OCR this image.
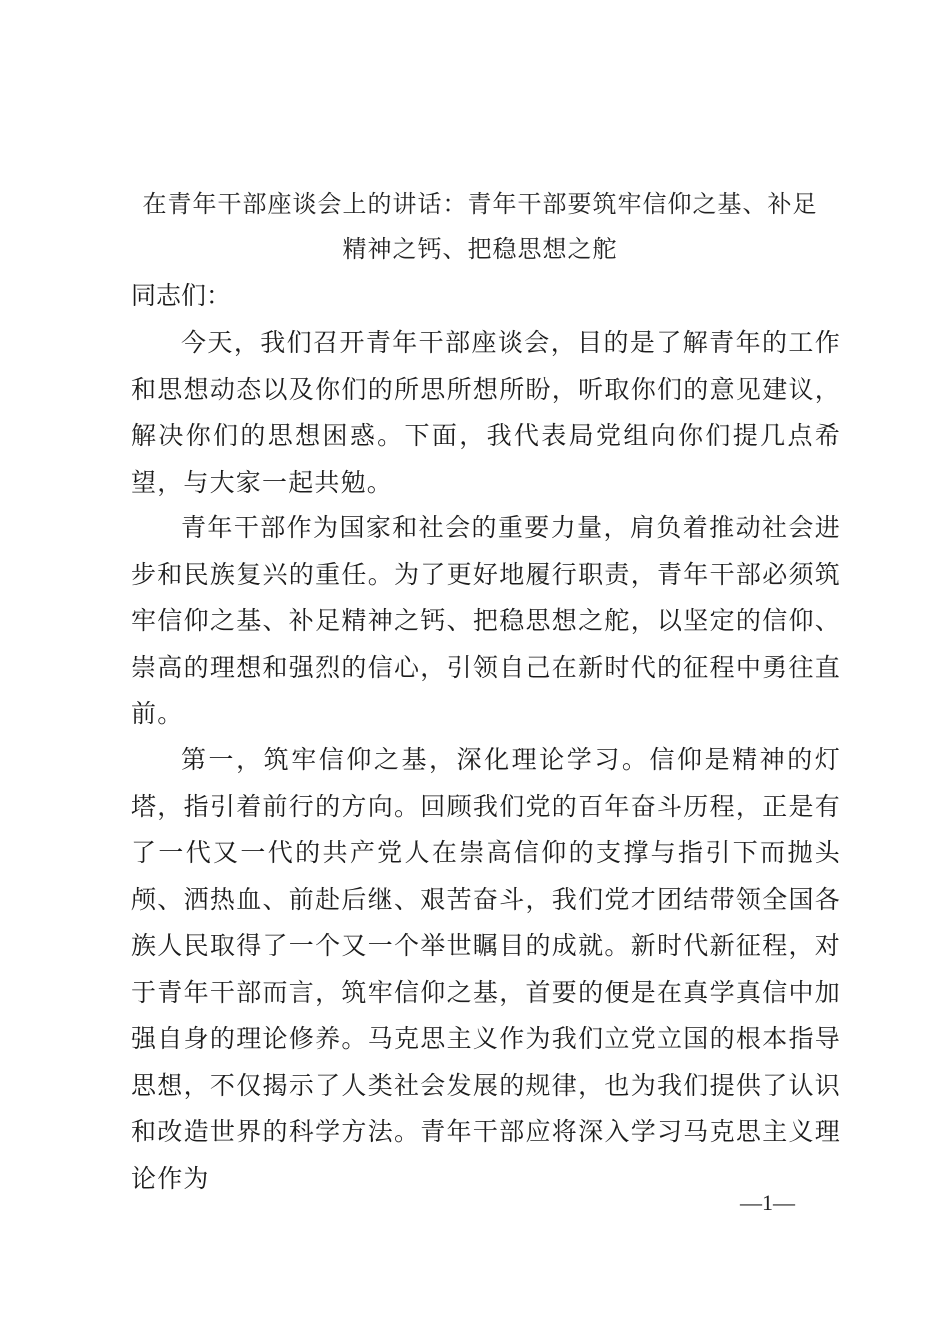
在青年干部座谈会上的讲话：青年干部要筑牢信仰之基、补足
精神之钙、把稳思想之舵
同志们：

今天，我们召开青年干部座谈会，目的是了解青年的工作和思想动态以及你们的所思所想所盼，听取你们的意见建议，解决你们的思想困惑。下面，我代表局党组向你们提几点希望，与大家一起共勉。

青年干部作为国家和社会的重要力量，肩负着推动社会进步和民族复兴的重任。为了更好地履行职责，青年干部必须筑牢信仰之基、补足精神之钙、把稳思想之舵，以坚定的信仰、崇高的理想和强烈的信心，引领自己在新时代的征程中勇往直前。

第一，筑牢信仰之基，深化理论学习。信仰是精神的灯塔，指引着前行的方向。回顾我们党的百年奋斗历程，正是有了一代又一代的共产党人在崇高信仰的支撑与指引下而抛头颅、洒热血、前赴后继、艰苦奋斗，我们党才团结带领全国各族人民取得了一个又一个举世瞩目的成就。新时代新征程，对于青年干部而言，筑牢信仰之基，首要的便是在真学真信中加强自身的理论修养。马克思主义作为我们立党立国的根本指导思想，不仅揭示了人类社会发展的规律，也为我们提供了认识和改造世界的科学方法。青年干部应将深入学习马克思主义理论作为

—1—
